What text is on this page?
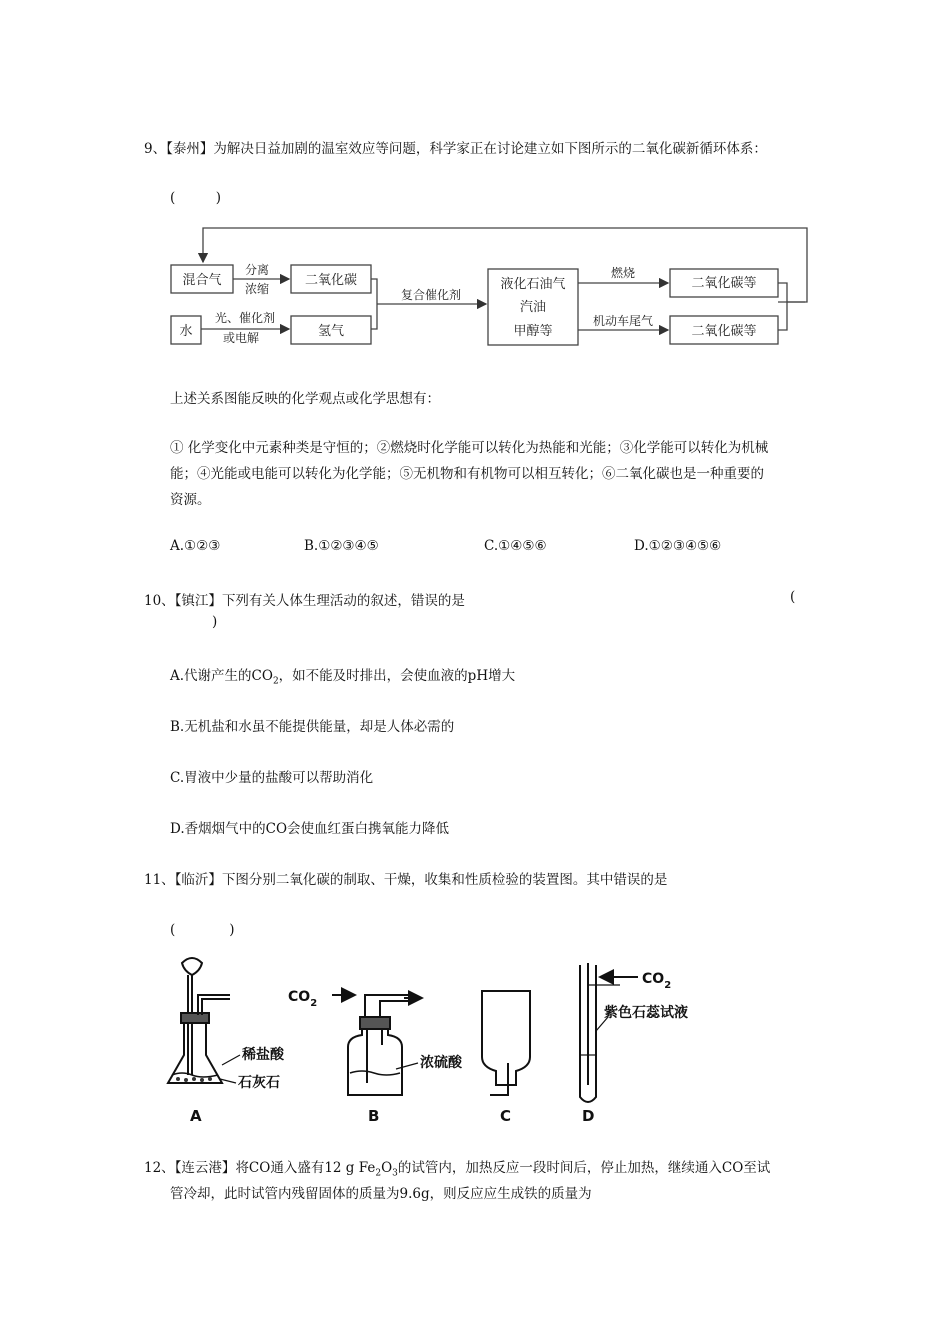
9、【泰州】为解决日益加剧的温室效应等问题，科学家正在讨论建立如下图所示的二氧化碳新循环体系：
(　　　)
混合气
水
二氧化碳
氢气
液化石油气
汽油
甲醇等
二氧化碳等
二氧化碳等
分离
浓缩
光、催化剂
或电解
复合催化剂
燃烧
机动车尾气
上述关系图能反映的化学观点或化学思想有：
① 化学变化中元素种类是守恒的；②燃烧时化学能可以转化为热能和光能；③化学能可以转化为机械
能；④光能或电能可以转化为化学能；⑤无机物和有机物可以相互转化；⑥二氧化碳也是一种重要的
资源。
A.①②③	B.①②③④⑤	C.①④⑤⑥	D.①②③④⑤⑥
10、【镇江】下列有关人体生理活动的叙述，错误的是	(
)
A.代谢产生的$CO_2$，如不能及时排出，会使血液的pH增大
B.无机盐和水虽不能提供能量，却是人体必需的
C.胃液中少量的盐酸可以帮助消化
D.香烟烟气中的CO会使血红蛋白携氧能力降低
11、【临沂】下图分别二氧化碳的制取、干燥，收集和性质检验的装置图。其中错误的是
(　　　　)
稀盐酸
石灰石
$CO_2$
浓硫酸
$CO_2$
紫色石蕊试液
A	B	C	D
12、【连云港】将CO通入盛有12 g $Fe_2O_3$的试管内，加热反应一段时间后，停止加热，继续通入CO至试
管冷却，此时试管内残留固体的质量为9.6g，则反应应生成铁的质量为
